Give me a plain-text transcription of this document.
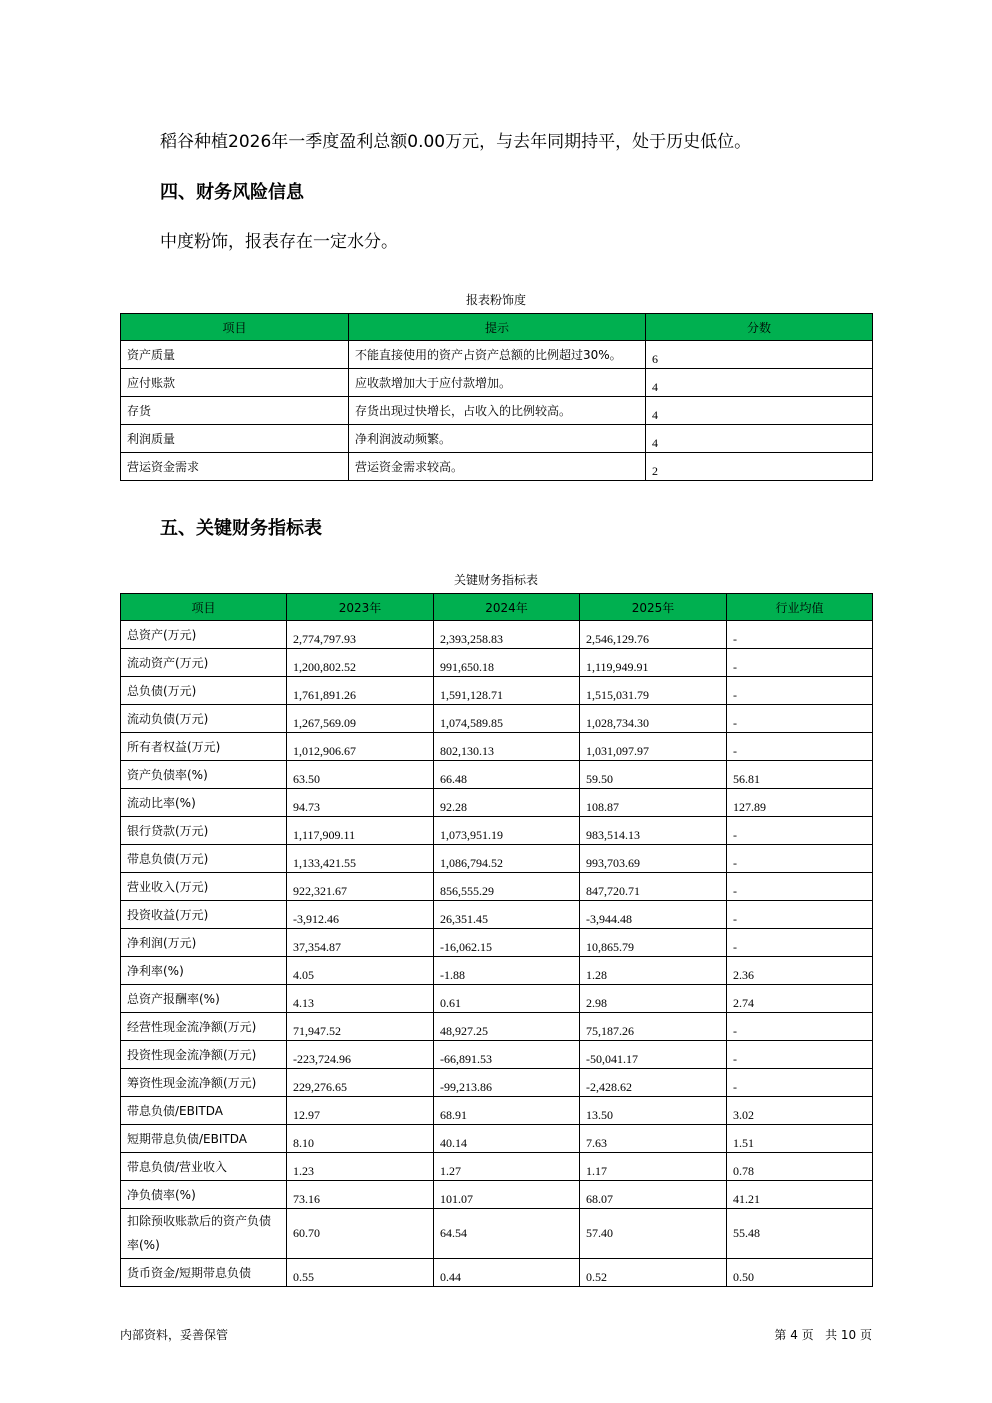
稻谷种植2026年一季度盈利总额0.00万元，与去年同期持平，处于历史低位。

四、财务风险信息

中度粉饰，报表存在一定水分。

报表粉饰度

项目	提示	分数
资产质量	不能直接使用的资产占资产总额的比例超过30%。	6
应付账款	应收款增加大于应付款增加。	4
存货	存货出现过快增长，占收入的比例较高。	4
利润质量	净利润波动频繁。	4
营运资金需求	营运资金需求较高。	2
五、关键财务指标表

关键财务指标表

项目	2023年	2024年	2025年	行业均值
总资产(万元)	2,774,797.93	2,393,258.83	2,546,129.76	-
流动资产(万元)	1,200,802.52	991,650.18	1,119,949.91	-
总负债(万元)	1,761,891.26	1,591,128.71	1,515,031.79	-
流动负债(万元)	1,267,569.09	1,074,589.85	1,028,734.30	-
所有者权益(万元)	1,012,906.67	802,130.13	1,031,097.97	-
资产负债率(%)	63.50	66.48	59.50	56.81
流动比率(%)	94.73	92.28	108.87	127.89
银行贷款(万元)	1,117,909.11	1,073,951.19	983,514.13	-
带息负债(万元)	1,133,421.55	1,086,794.52	993,703.69	-
营业收入(万元)	922,321.67	856,555.29	847,720.71	-
投资收益(万元)	-3,912.46	26,351.45	-3,944.48	-
净利润(万元)	37,354.87	-16,062.15	10,865.79	-
净利率(%)	4.05	-1.88	1.28	2.36
总资产报酬率(%)	4.13	0.61	2.98	2.74
经营性现金流净额(万元)	71,947.52	48,927.25	75,187.26	-
投资性现金流净额(万元)	-223,724.96	-66,891.53	-50,041.17	-
筹资性现金流净额(万元)	229,276.65	-99,213.86	-2,428.62	-
带息负债/EBITDA	12.97	68.91	13.50	3.02
短期带息负债/EBITDA	8.10	40.14	7.63	1.51
带息负债/营业收入	1.23	1.27	1.17	0.78
净负债率(%)	73.16	101.07	68.07	41.21
扣除预收账款后的资产负债率(%)	60.70	64.54	57.40	55.48
货币资金/短期带息负债	0.55	0.44	0.52	0.50

内部资料，妥善保管	第 4 页   共 10 页
